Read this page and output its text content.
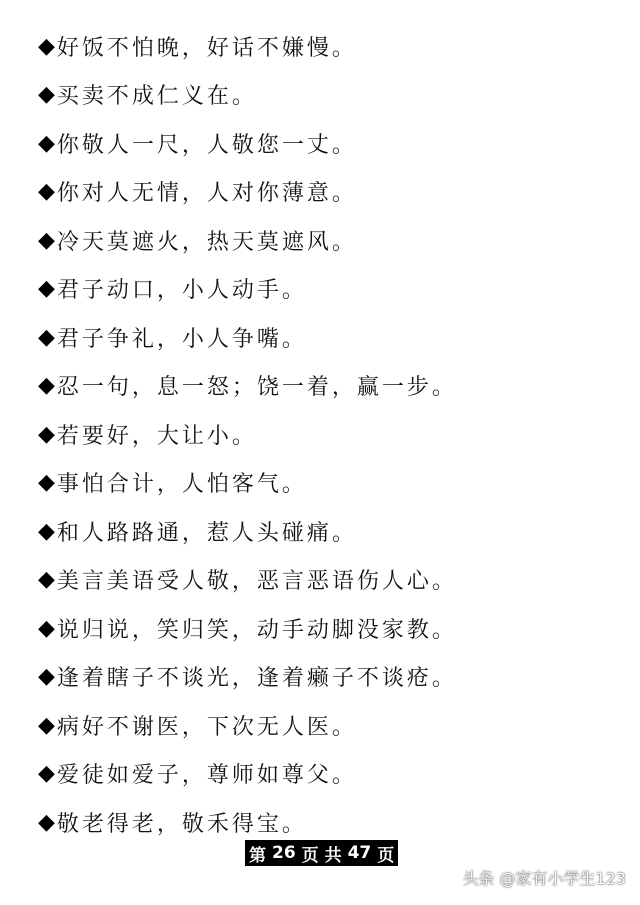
◆ 好饭不怕晚，好话不嫌慢。
◆ 买卖不成仁义在。
◆ 你敬人一尺，人敬您一丈。
◆ 你对人无情，人对你薄意。
◆ 冷天莫遮火，热天莫遮风。
◆ 君子动口，小人动手。
◆ 君子争礼，小人争嘴。
◆ 忍一句，息一怒；饶一着，赢一步。
◆ 若要好，大让小。
◆ 事怕合计，人怕客气。
◆ 和人路路通，惹人头碰痛。
◆ 美言美语受人敬，恶言恶语伤人心。
◆ 说归说，笑归笑，动手动脚没家教。
◆ 逢着瞎子不谈光，逢着癞子不谈疮。
◆ 病好不谢医，下次无人医。
◆ 爱徒如爱子，尊师如尊父。
◆ 敬老得老，敬禾得宝。
第 26 页 共 47 页
头条 @家有小学生123
